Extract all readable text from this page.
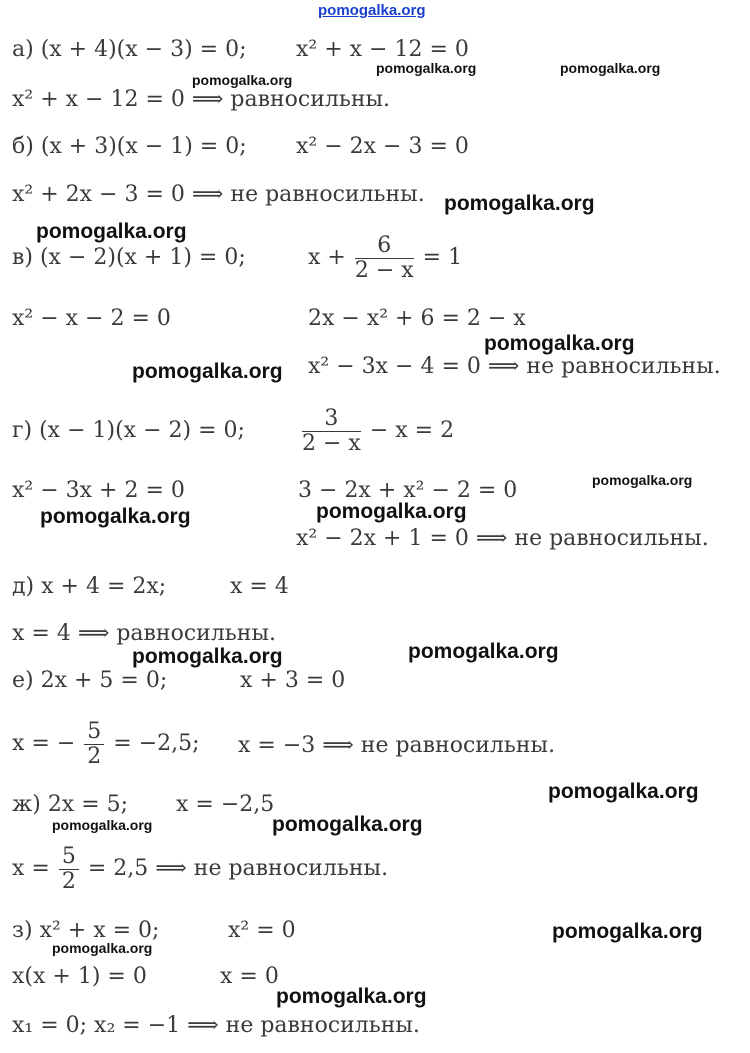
pomogalka.org
pomogalka.org
pomogalka.org	pomogalka.org
pomogalka.org
pomogalka.org
pomogalka.org
pomogalka.org
pomogalka.org
pomogalka.org	pomogalka.org
pomogalka.org	pomogalka.org
pomogalka.org
pomogalka.org	pomogalka.org
pomogalka.org
pomogalka.org
pomogalka.org
а) (x + 4)(x − 3) = 0; x² + x − 12 = 0
x² + x − 12 = 0 ⟹ равносильны.
б) (x + 3)(x − 1) = 0; x² − 2x − 3 = 0
x² + 2x − 3 = 0 ⟹ не равносильны.
в) (x − 2)(x + 1) = 0;	$x + \frac{6}{2 - x} = 1$
x² − x − 2 = 0	2x − x² + 6 = 2 − x
x² − 3x − 4 = 0 ⟹ не равносильны.
г) (x − 1)(x − 2) = 0;	$\frac{3}{2 - x} - x = 2$
x² − 3x + 2 = 0	3 − 2x + x² − 2 = 0
x² − 2x + 1 = 0 ⟹ не равносильны.
д) x + 4 = 2x;	x = 4
x = 4 ⟹ равносильны.
е) 2x + 5 = 0;	x + 3 = 0
x = − $\frac{5}{2} = -2,5$; x = −3 ⟹ не равносильны.
ж) 2x = 5; x = −2,5
$x = \frac{5}{2} = 2,5$ ⟹ не равносильны.
з) x² + x = 0;	x² = 0
x(x + 1) = 0	x = 0
x₁ = 0; x₂ = −1 ⟹ не равносильны.
